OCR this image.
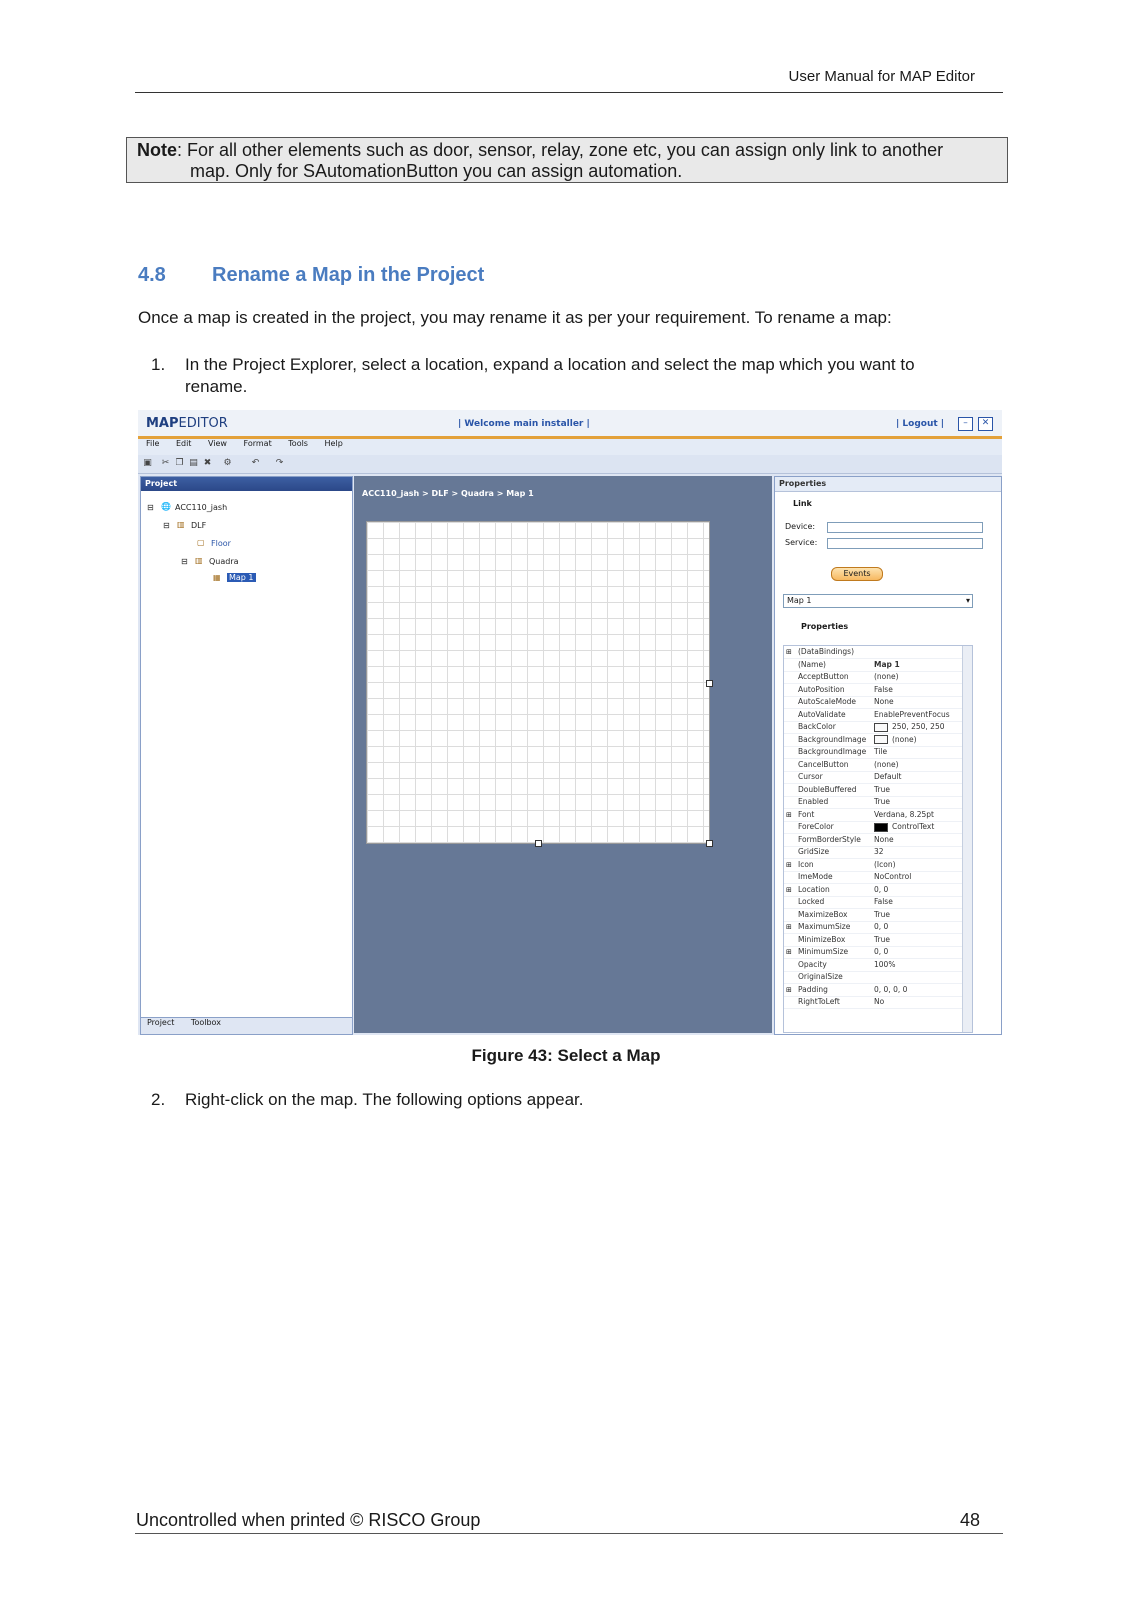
User Manual for MAP Editor
Note: For all other elements such as door, sensor, relay, zone etc, you can assign only link to another
map. Only for SAutomationButton you can assign automation.
4.8 Rename a Map in the Project
Once a map is created in the project, you may rename it as per your requirement. To rename a map:
1. In the Project Explorer, select a location, expand a location and select the map which you want to
rename.
MAPEDITOR	| Welcome main installer |	| Logout |	–	✕
File Edit View Format Tools Help
▣ ✂ ❐ ▤ ✖ ⚙ ↶ ↷
Project
⊟ 🌐 ACC110_jash
⊟ ▥ DLF
▢ Floor
⊟ ▥ Quadra
▦ Map 1
Project Toolbox
ACC110_jash > DLF > Quadra > Map 1
Properties
Link
Device:
Service:
Events
Map 1	▾
Properties
RightToLeft	No
⊞ Padding	0, 0, 0, 0
OriginalSize
Opacity	100%
⊞ MinimumSize	0, 0
MinimizeBox	True
⊞ MaximumSize	0, 0
MaximizeBox	True
Locked	False
⊞ Location	0, 0
ImeMode	NoControl
⊞ Icon	(Icon)
GridSize	32
FormBorderStyle	None
ForeColor	ControlText
⊞ Font	Verdana, 8.25pt
Enabled	True
DoubleBuffered	True
Cursor	Default
CancelButton	(none)
BackgroundImage	Tile
BackgroundImage	(none)
BackColor	250, 250, 250
AutoValidate	EnablePreventFocus
AutoScaleMode	None
AutoPosition	False
AcceptButton	(none)
(Name)	Map 1
⊞ (DataBindings)
Figure 43: Select a Map
2. Right-click on the map. The following options appear.
Uncontrolled when printed © RISCO Group	48
